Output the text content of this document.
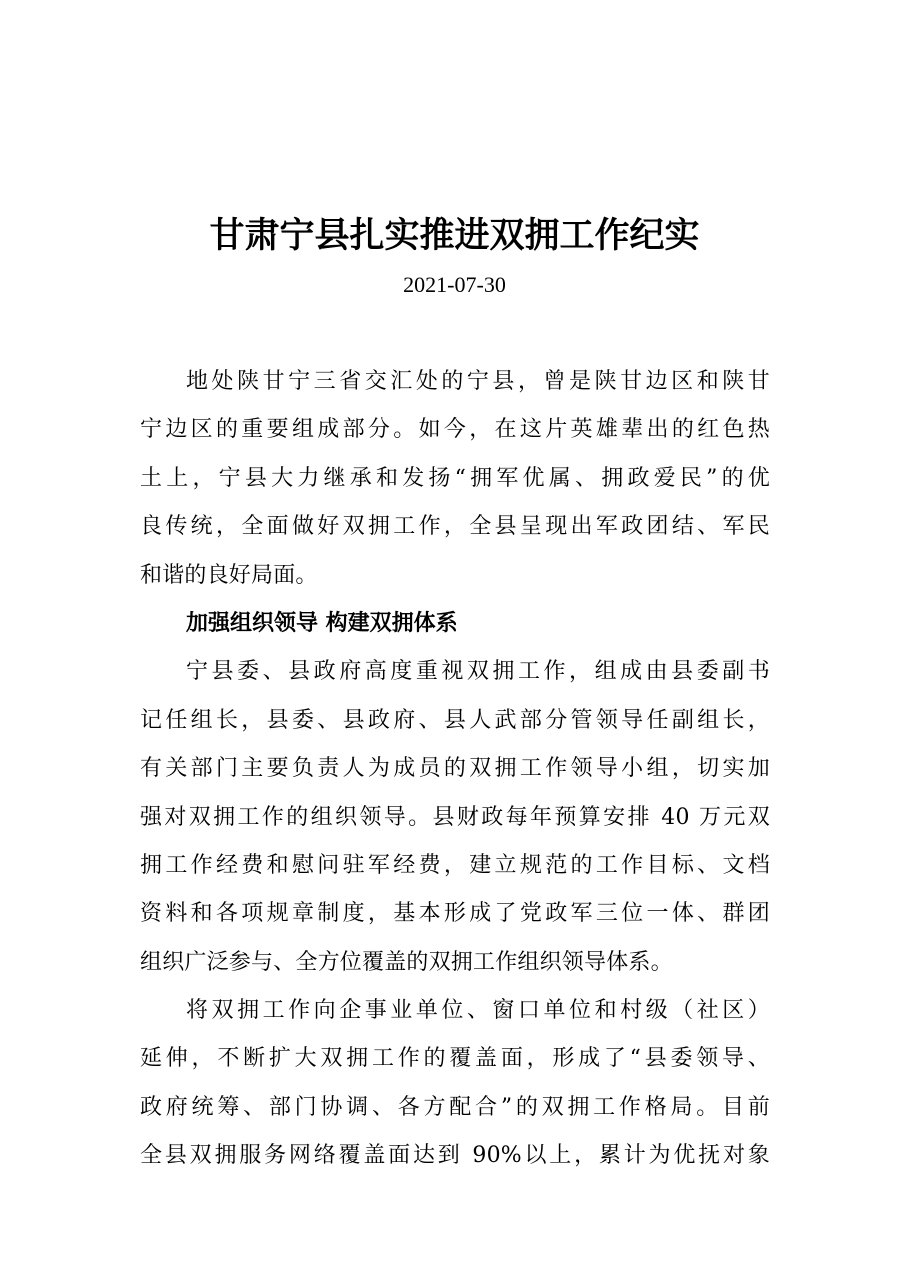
甘肃宁县扎实推进双拥工作纪实
2021-07-30
地处陕甘宁三省交汇处的宁县，曾是陕甘边区和陕甘
宁边区的重要组成部分。如今，在这片英雄辈出的红色热
土上，宁县大力继承和发扬“拥军优属、拥政爱民”的优
良传统，全面做好双拥工作，全县呈现出军政团结、军民
和谐的良好局面。
加强组织领导 构建双拥体系
宁县委、县政府高度重视双拥工作，组成由县委副书
记任组长，县委、县政府、县人武部分管领导任副组长，
有关部门主要负责人为成员的双拥工作领导小组，切实加
强对双拥工作的组织领导。县财政每年预算安排 40 万元双
拥工作经费和慰问驻军经费，建立规范的工作目标、文档
资料和各项规章制度，基本形成了党政军三位一体、群团
组织广泛参与、全方位覆盖的双拥工作组织领导体系。
将双拥工作向企事业单位、窗口单位和村级（社区）
延伸，不断扩大双拥工作的覆盖面，形成了“县委领导、
政府统筹、部门协调、各方配合”的双拥工作格局。目前
全县双拥服务网络覆盖面达到 90%以上，累计为优抚对象
